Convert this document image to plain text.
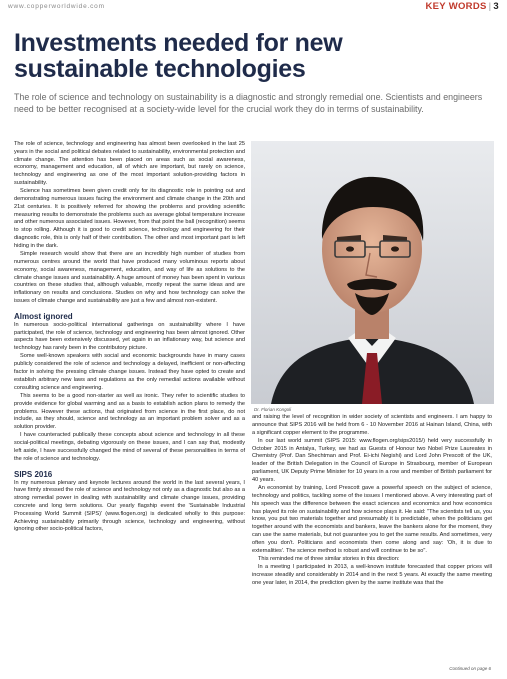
www.copperworldwide.com	KEY WORDS | 3
Investments needed for new sustainable technologies

The role of science and technology on sustainability is a diagnostic and strongly remedial one. Scientists and engineers need to be better recognised at a society-wide level for the crucial work they do in terms of sustainability.

The role of science, technology and engineering has almost been overlooked in the last 25 years in the social and political debates related to sustainability, environmental protection and climate change. The attention has been placed on areas such as social awareness, economy, management and education, all of which are important, but rarely on science, technology and engineering as one of the most important solution-providing factors in sustainability.

Science has sometimes been given credit only for its diagnostic role in pointing out and demonstrating numerous issues facing the environment and climate change in the 20th and 21st centuries. It is positively referred for showing the problems and providing scientific measuring results to demonstrate the problems such as average global temperature increase and other numerous associated issues. However, from that point the ball (recognition) seems to stop rolling. Although it is good to credit science, technology and engineering for their diagnostic role, this is only half of their contribution. The other and most important part is left hiding in the dark.

Simple research would show that there are an incredibly high number of studies from numerous centres around the world that have produced many voluminous reports about economy, social awareness, management, education, and way of life as solutions to the climate change issues and sustainability. A huge amount of money has been spent in various countries on these studies that, although valuable, mostly repeat the same ideas and are inflationary on results and conclusions. Studies on why and how technology can solve the issues of climate change and sustainability are just a few and almost non-existent.

Almost ignored

In numerous socio-political international gatherings on sustainability where I have participated, the role of science, technology and engineering has been almost ignored. Other aspects have been extensively discussed, yet again in an inflationary way, but science and technology has rarely been in the contributory picture.

Some well-known speakers with social and economic backgrounds have in many cases publicly considered the role of science and technology a delayed, inefficient or non-affecting factor in solving the pressing climate change issues. Instead they have opted to create and establish arbitrary new laws and regulations as the only remedial actions available without consulting science and engineering.

This seems to be a good non-starter as well as ironic. They refer to scientific studies to provide evidence for global warming and as a basis to establish action plans to remedy the problems. However these actions, that originated from science in the first place, do not include, as they should, science and technology as an important problem solver and as a solution provider.

I have counteracted publically these concepts about science and technology in all these social-political meetings, debating vigorously on these issues, and I can say that, modestly left aside, I have successfully changed the mind of several of these personalities in terms of the role of science and technology.

SIPS 2016

In my numerous plenary and keynote lectures around the world in the last several years, I have firmly stressed the role of science and technology not only as a diagnostic but also as a strong remedial power in dealing with sustainability and climate change issues, providing concrete and long term solutions. Our yearly flagship event the 'Sustainable Industrial Processing World Summit (SIPS)' (www.flogen.org) is dedicated wholly to this purpose: Achieving sustainability primarily through science, technology and engineering, without ignoring other socio-political factors,

Dr. Florian Kongoli

and raising the level of recognition in wider society of scientists and engineers. I am happy to announce that SIPS 2016 will be held from 6 - 10 November 2016 at Hainan Island, China, with a significant copper element to the programme.

In our last world summit (SIPS 2015: www.flogen.org/sips2015/) held very successfully in October 2015 in Antalya, Turkey, we had as Guests of Honour two Nobel Prize Laureates in Chemistry (Prof. Dan Shechtman and Prof. Ei-ichi Negishi) and Lord John Prescott of the UK, leader of the British Delegation in the Council of Europe in Strasbourg, member of European parliament, UK Deputy Prime Minister for 10 years in a row and member of British parliament for 40 years.

An economist by training, Lord Prescott gave a powerful speech on the subject of science, technology and politics, tackling some of the issues I mentioned above. A very interesting part of his speech was the difference between the exact sciences and economics and how economics has played its role on sustainability and how science plays it. He said: "The scientists tell us, you know, you put two materials together and presumably it is predictable, when the politicians get together around with the economists and bankers, leave the bankers alone for the moment, they can use the same materials, but not guarantee you to get the same results. And sometimes, very often you don't. Politicians and economists then come along and say: 'Oh, it is due to externalities'. The science method is robust and will continue to be so".

This reminded me of three similar stories in this direction:

In a meeting I participated in 2013, a well-known institute forecasted that copper prices will increase steadily and considerably in 2014 and in the next 5 years. At exactly the same meeting one year later, in 2014, the prediction given by the same institute was that the

Continued on page 6
